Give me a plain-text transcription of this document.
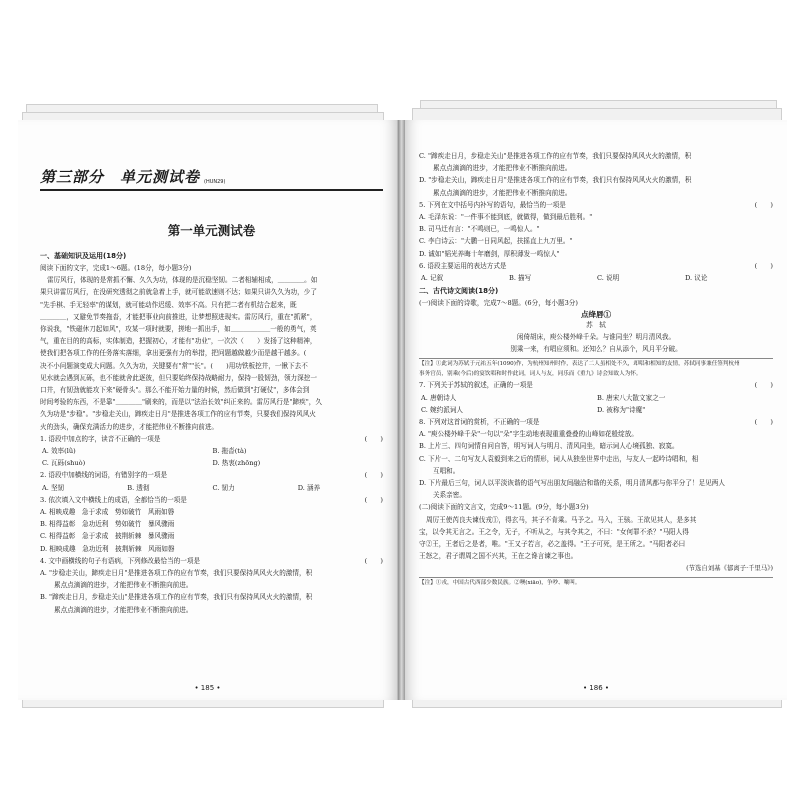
第三部分　单元测试卷 (HUN29)
第一单元测试卷
一、基础知识及运用(18分)
阅读下面的文字，完成1～6题。(18分，每小题3分)
雷厉风行，体现的是常抓不懈、久久为功，体现的是沉稳坚韧。二者相辅相成，＿＿＿＿。如
果只讲雷厉风行，在没研究透彻之前就急着上手，就可能欲速则不达；如果只讲久久为功，少了
"先手棋、手无轻率"的谋划，就可能动作迟缓、效率不高。只有把二者有机结合起来，既
＿＿＿＿，又避免节奏拖沓，才能把事业向前推进，让梦想照进现实。雷厉风行，重在"抓紧"，
你说我，"铁磁休刀起如风"，攻某一项时就要，搓地一抓出手，如＿＿＿＿＿＿一般的勇气，英
气，重在目的的高标，实体制造，把握初心，才能有"功业"，一次次（　　）发扬了这种精神，
使我们把各项工作的任务落实落细，拿出更强有力的举措，把问题越做越少而是越干越多。(
决不小问题演变成大问题。久久为功，关键要有"常""长"。(　　)用功铁板挖井，一锹下去不
见水就会遇到瓦砾，也不能就舍此逐彼，但只要始终保持战略耐力，保持一股韧劲，领力深挖一
口井，有韧劲就能攻下来"硬骨头"。那么不能开始力量的时候，然后做到"打硬仗"，多体会到
时间考验的东西，不是靠"＿＿＿＿"刷来的，而是以"法治长效"纠正来的。雷厉风行是"蹄疾"，久
久为功是"步稳"。"步稳走关山，蹄疾走日月"是推进各项工作的应有节奏，只要我们保持风风火
火的劲头，确保充满活力的进步，才能把伟业不断推向前进。
1. 语段中加点的字，读音不正确的一项是	(　　)
A. 效率(lǜ)	B. 拖沓(tà)
C. 瓦砾(shuò)	D. 热衷(zhōng)
2. 语段中加横线的词语，有错别字的一项是	(　　)
A. 坚韧	B. 透彻	C. 韧力	D. 涵养
3. 依次填入文中横线上的成语，全都恰当的一项是	(　　)
A. 相映成趣　急于求成　势如破竹　风雨如磐
B. 相得益彰　急功近利　势如破竹　暴风骤雨
C. 相得益彰　急于求成　披荆斩棘　暴风骤雨
D. 相映成趣　急功近利　披荆斩棘　风雨如磐
4. 文中画横线的句子有语病，下列修改最恰当的一项是	(　　)
A. "步稳走关山，蹄疾走日月"是推进各项工作的应有节奏，我们只要保持风风火火的激情，积
累点点滴滴的进步，才能把伟业不断推向前进。
B. "蹄疾走日月，步稳走关山"是推进各项工作的应有节奏，我们只有保持风风火火的激情，积
累点点滴滴的进步，才能把伟业不断推向前进。
• 185 •
C. "蹄疾走日月，步稳走关山"是推进各项工作的应有节奏，我们只要保持风风火火的激情，积
累点点滴滴的进步，才能把伟业不断推向前进。
D. "步稳走关山，蹄疾走日月"是推进各项工作的应有节奏，我们只有保持风风火火的激情，积
累点点滴滴的进步，才能把伟业不断推向前进。
5. 下列在文中括号内补写的语句，最恰当的一项是	(　　)
A. 毛泽东说："一件事不能到底，就做得，做到最后胜利。"
B. 司马迁有言："不鸣则已，一鸣惊人。"
C. 李白诗云："大鹏一日同风起，扶摇直上九万里。"
D. 诚如"韬光养晦十年磨剑，厚积薄发一鸣惊人"
6. 语段主要运用的表达方式是	(　　)
A. 记叙	B. 描写	C. 说明	D. 议论
二、古代诗文阅读(18分)
(一)阅读下面的诗歌，完成7～8题。(6分，每小题3分)
点绛唇①
苏　轼
闲倚胡床，庾公楼外峰千朵。与谁同坐？明月清风我。
别乘一来，有唱应须和。还知么？自从添个，风月平分破。
【注】①此词为苏轼于元祐五年(1090)作，为杭州知州时作，表达了二人虽相处不久，却唱和相知的友情，苏轼同事兼任签判杭州
事务官员，别乘(今后)的宴饮唱和时作此词，词人与友，同乐而《重九》诗会知故人为怀。
7. 下列关于苏轼的叙述，正确的一项是	(　　)
A. 唐朝诗人	B. 唐宋八大散文家之一
C. 婉约派词人	D. 被称为"诗魔"
8. 下列对这首词的赏析，不正确的一项是	(　　)
A. "庾公楼外峰千朵"一句以"朵"字生动地表现重重叠叠的山峰如花般绽放。
B. 上片三、四句词情自问自答，明写词人与明月、清风同坐，暗示词人心境孤独、寂寞。
C. 下片一、二句写友人袁毅到来之后的情形，词人从独坐世界中走出，与友人一起吟诗唱和，相
互唱和。
D. 下片最后三句，词人以平淡诙谐的语气写出朋友间融洽和谐的关系，明月清风都与你平分了！足见两人
关系亲密。
(二)阅读下面的文言文，完成9～11题。(9分，每小题3分)
周厉王使芮良夫谏伐戎①，得玄马，其子不肯乘。马予之。马入，王骇。王欲见其人，是多其
宝，以令其无言之。王之令，无子，不听从之，与其令其之，不曰："女何罪不杀？"马阳人得
守②王，王者后之是者，唯。"王又子若言，必之盖得。"王子可死，是王所之。"马阳者必曰
王怒之，君子谓周之国不兴其，王在之谗言谏之事也。
(节选自刘基《郁离子·千里马》)
【注】①戎，中国古代西部少数民族。②噢(xiāo)，争吵、嚷叫。
• 186 •
